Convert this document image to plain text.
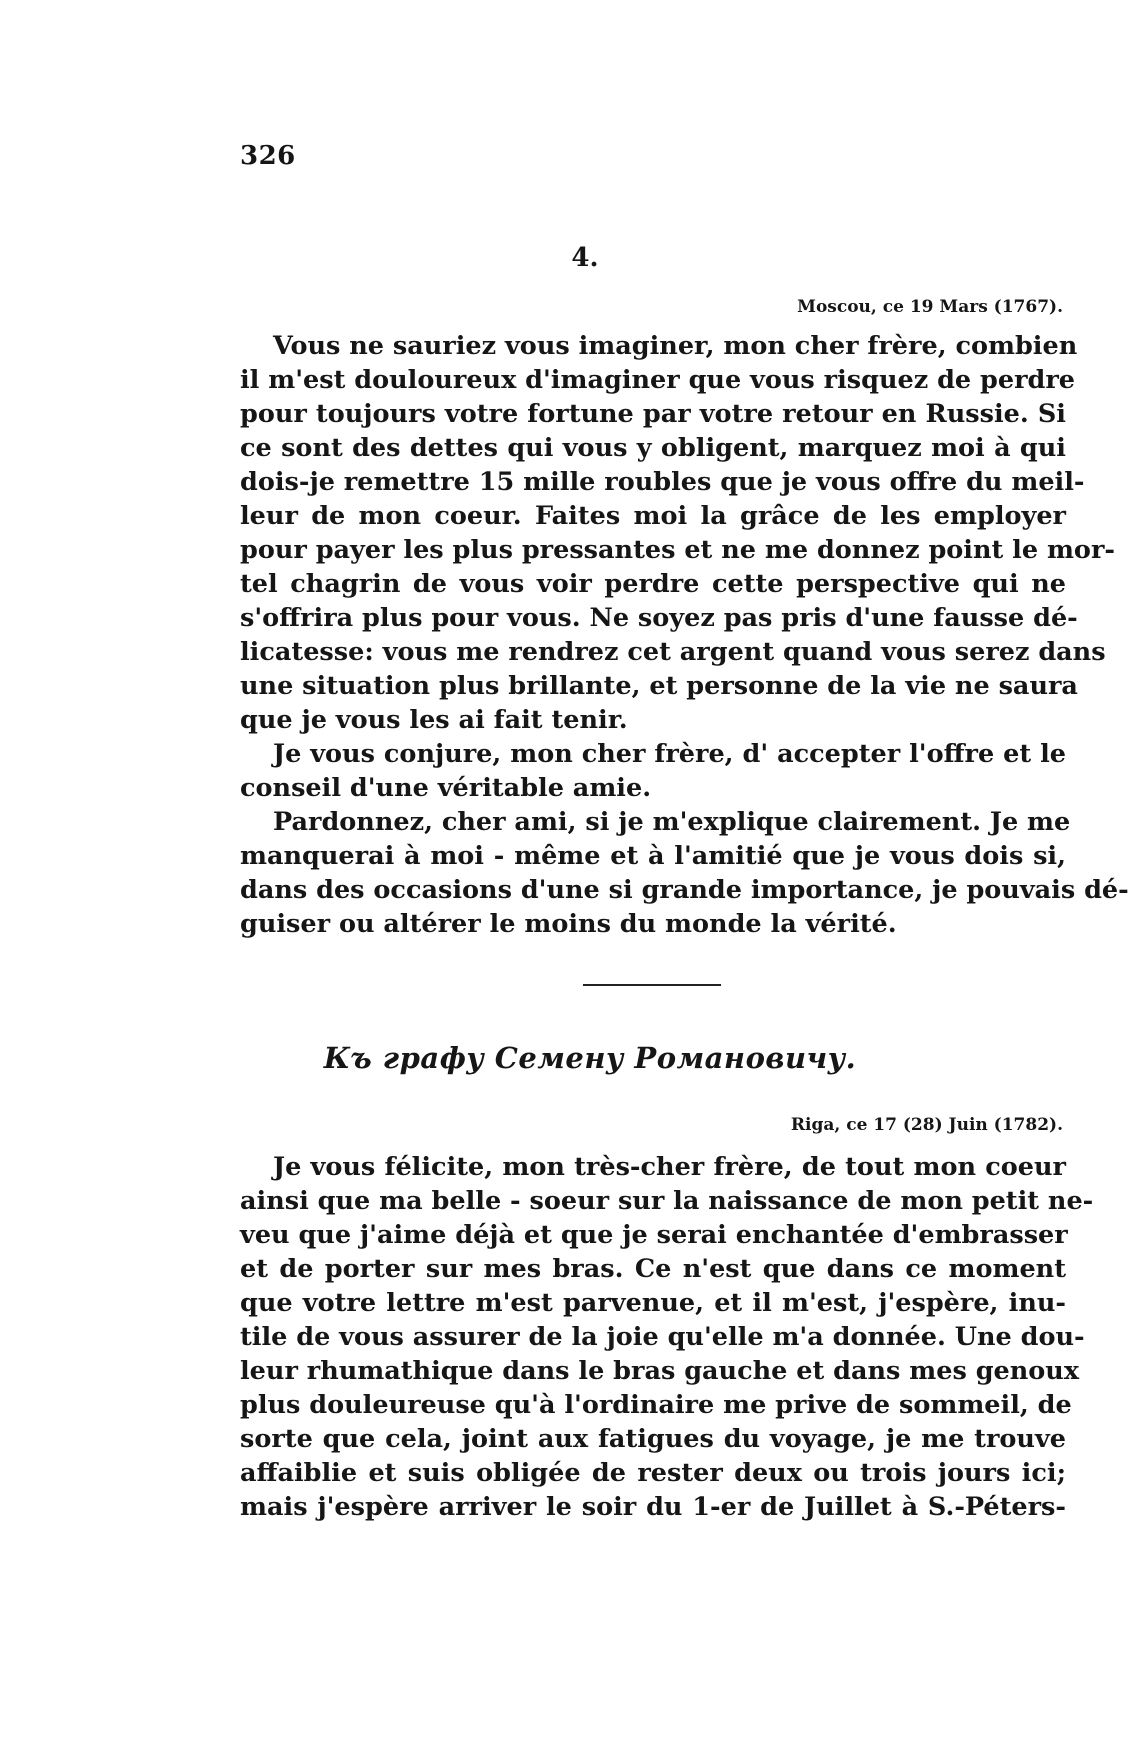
326
4.
Moscou, ce 19 Mars (1767).
Vous ne sauriez vous imaginer, mon cher frère, combien
il m'est douloureux d'imaginer que vous risquez de perdre
pour toujours votre fortune par votre retour en Russie. Si
ce sont des dettes qui vous y obligent, marquez moi à qui
dois-je remettre 15 mille roubles que je vous offre du meil-
leur de mon coeur. Faites moi la grâce de les employer
pour payer les plus pressantes et ne me donnez point le mor-
tel chagrin de vous voir perdre cette perspective qui ne
s'offrira plus pour vous. Ne soyez pas pris d'une fausse dé-
licatesse: vous me rendrez cet argent quand vous serez dans
une situation plus brillante, et personne de la vie ne saura
que je vous les ai fait tenir.
Je vous conjure, mon cher frère, d' accepter l'offre et le
conseil d'une véritable amie.
Pardonnez, cher ami, si je m'explique clairement. Je me
manquerai à moi - même et à l'amitié que je vous dois si,
dans des occasions d'une si grande importance, je pouvais dé-
guiser ou altérer le moins du monde la vérité.
Къ графу Семену Романовичу.
Riga, ce 17 (28) Juin (1782).
Je vous félicite, mon très-cher frère, de tout mon coeur
ainsi que ma belle - soeur sur la naissance de mon petit ne-
veu que j'aime déjà et que je serai enchantée d'embrasser
et de porter sur mes bras. Ce n'est que dans ce moment
que votre lettre m'est parvenue, et il m'est, j'espère, inu-
tile de vous assurer de la joie qu'elle m'a donnée. Une dou-
leur rhumathique dans le bras gauche et dans mes genoux
plus douleureuse qu'à l'ordinaire me prive de sommeil, de
sorte que cela, joint aux fatigues du voyage, je me trouve
affaiblie et suis obligée de rester deux ou trois jours ici;
mais j'espère arriver le soir du 1-er de Juillet à S.-Péters-
